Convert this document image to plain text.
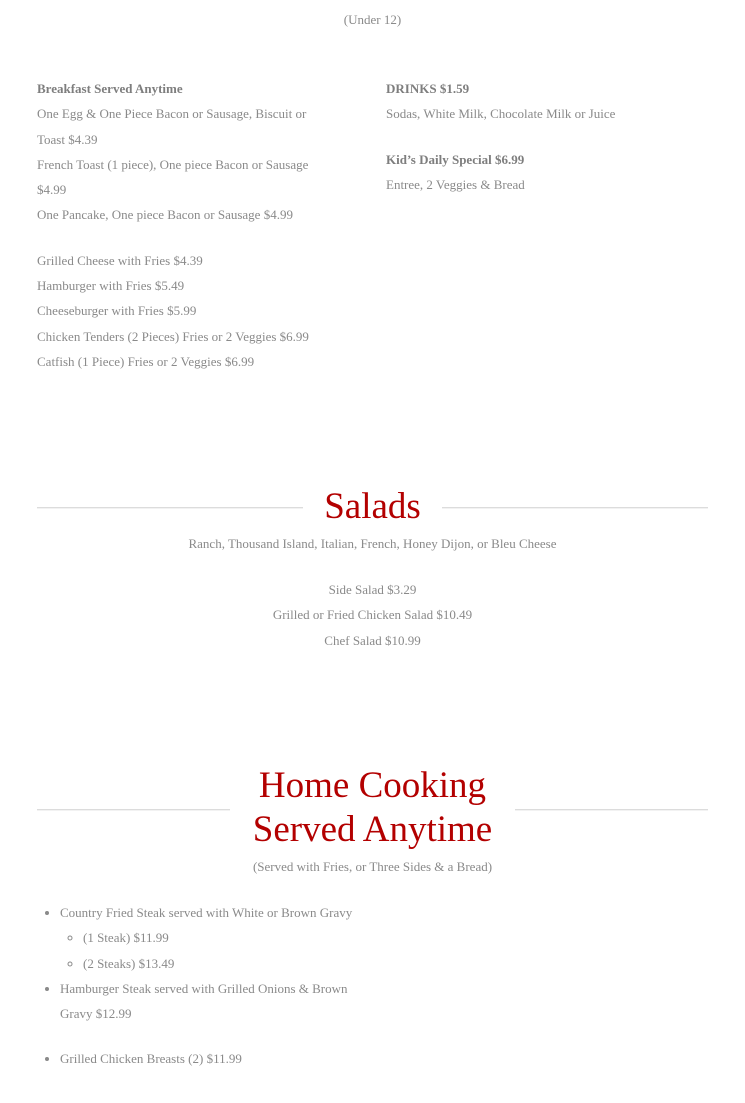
(Under 12)

Breakfast Served Anytime

One Egg & One Piece Bacon or Sausage, Biscuit or

Toast $4.39

French Toast (1 piece), One piece Bacon or Sausage

$4.99

One Pancake, One piece Bacon or Sausage $4.99

Grilled Cheese with Fries $4.39

Hamburger with Fries $5.49

Cheeseburger with Fries $5.99

Chicken Tenders (2 Pieces) Fries or 2 Veggies $6.99

Catfish (1 Piece) Fries or 2 Veggies $6.99

DRINKS $1.59

Sodas, White Milk, Chocolate Milk or Juice

Kid’s Daily Special $6.99

Entree, 2 Veggies & Bread

Salads
Ranch, Thousand Island, Italian, French, Honey Dijon, or Bleu Cheese

Side Salad $3.29

Grilled or Fried Chicken Salad $10.49

Chef Salad $10.99

Home Cooking
Served Anytime
(Served with Fries, or Three Sides & a Bread)
• Country Fried Steak served with White or Brown Gravy
◦ (1 Steak) $11.99
◦ (2 Steaks) $13.49
• Hamburger Steak served with Grilled Onions & Brown Gravy $12.99
• Grilled Chicken Breasts (2) $11.99
